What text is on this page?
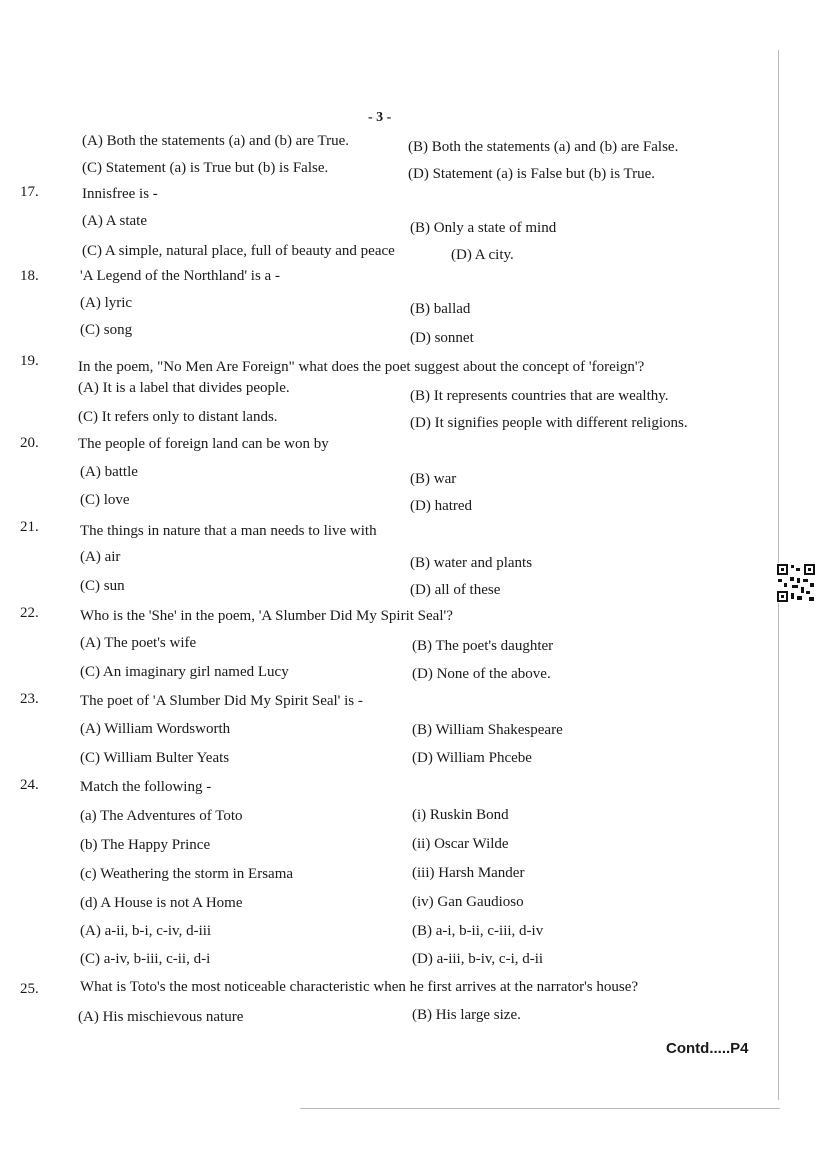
- 3 -
(A) Both the statements (a) and (b) are True.	(B) Both the statements (a) and (b) are False.
(C) Statement (a) is True but (b) is False.	(D) Statement (a) is False but (b) is True.
17.	Innisfree is -
(A) A state	(B) Only a state of mind
(C) A simple, natural place, full of beauty and peace	(D) A city.
18.	'A Legend of the Northland' is a -
(A) lyric	(B) ballad
(C) song	(D) sonnet
19.	In the poem, "No Men Are Foreign" what does the poet suggest about the concept of 'foreign'?
(A) It is a label that divides people.	(B) It represents countries that are wealthy.
(C) It refers only to distant lands.	(D) It signifies people with different religions.
20.	The people of foreign land can be won by
(A) battle	(B) war
(C) love	(D) hatred
21.	The things in nature that a man needs to live with
(A) air	(B) water and plants
(C) sun	(D) all of these
22.	Who is the 'She' in the poem, 'A Slumber Did My Spirit Seal'?
(A) The poet's wife	(B) The poet's daughter
(C) An imaginary girl named Lucy	(D) None of the above.
23.	The poet of 'A Slumber Did My Spirit Seal' is -
(A) William Wordsworth	(B) William Shakespeare
(C) William Bulter Yeats	(D) William Phcebe
24.	Match the following -
(a) The Adventures of Toto	(i) Ruskin Bond
(b) The Happy Prince	(ii) Oscar Wilde
(c) Weathering the storm in Ersama	(iii) Harsh Mander
(d) A House is not A Home	(iv) Gan Gaudioso
(A) a-ii, b-i, c-iv, d-iii	(B) a-i, b-ii, c-iii, d-iv
(C) a-iv, b-iii, c-ii, d-i	(D) a-iii, b-iv, c-i, d-ii
25.	What is Toto's the most noticeable characteristic when he first arrives at the narrator's house?
(A) His mischievous nature	(B) His large size.
Contd.....P4
